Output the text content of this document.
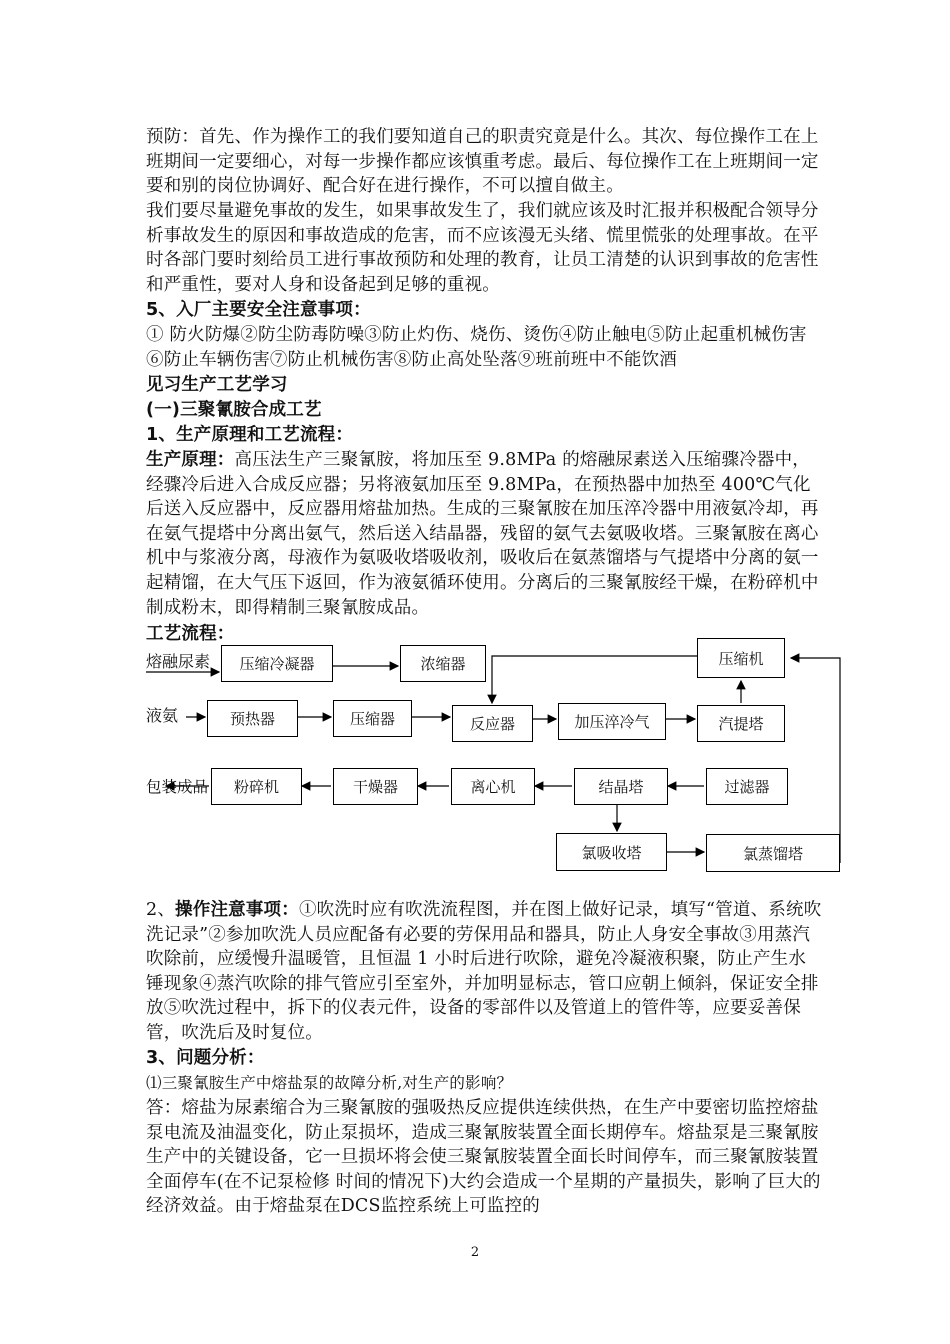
预防：首先、作为操作工的我们要知道自己的职责究竟是什么。其次、每位操作工在上班期间一定要细心，对每一步操作都应该慎重考虑。最后、每位操作工在上班期间一定要和别的岗位协调好、配合好在进行操作，不可以擅自做主。
我们要尽量避免事故的发生，如果事故发生了，我们就应该及时汇报并积极配合领导分析事故发生的原因和事故造成的危害，而不应该漫无头绪、慌里慌张的处理事故。在平时各部门要时刻给员工进行事故预防和处理的教育，让员工清楚的认识到事故的危害性和严重性，要对人身和设备起到足够的重视。
5、入厂主要安全注意事项：
① 防火防爆②防尘防毒防噪③防止灼伤、烧伤、烫伤④防止触电⑤防止起重机械伤害⑥防止车辆伤害⑦防止机械伤害⑧防止高处坠落⑨班前班中不能饮酒
见习生产工艺学习
(一)三聚氰胺合成工艺
1、生产原理和工艺流程：
生产原理：高压法生产三聚氰胺，将加压至 9.8MPa 的熔融尿素送入压缩骤冷器中，经骤冷后进入合成反应器；另将液氨加压至 9.8MPa，在预热器中加热至 400℃气化后送入反应器中，反应器用熔盐加热。生成的三聚氰胺在加压淬冷器中用液氨冷却，再在氨气提塔中分离出氨气，然后送入结晶器，残留的氨气去氨吸收塔。三聚氰胺在离心机中与浆液分离，母液作为氨吸收塔吸收剂，吸收后在氨蒸馏塔与气提塔中分离的氨一起精馏，在大气压下返回，作为液氨循环使用。分离后的三聚氰胺经干燥，在粉碎机中制成粉末，即得精制三聚氰胺成品。
工艺流程：
熔融尿素
液氨
包装成品
压缩冷凝器	浓缩器	压缩机
预热器	压缩器	反应器	加压淬冷气	汽提塔
粉碎机	干燥器	离心机	结晶塔	过滤器
氯吸收塔	氯蒸馏塔
2、操作注意事项：①吹洗时应有吹洗流程图，并在图上做好记录，填写“管道、系统吹洗记录”②参加吹洗人员应配备有必要的劳保用品和器具，防止人身安全事故③用蒸汽吹除前，应缓慢升温暖管，且恒温 1 小时后进行吹除，避免冷凝液积聚，防止产生水锤现象④蒸汽吹除的排气管应引至室外，并加明显标志，管口应朝上倾斜，保证安全排放⑤吹洗过程中，拆下的仪表元件，设备的零部件以及管道上的管件等，应要妥善保管，吹洗后及时复位。
3、问题分析：
⑴三聚氰胺生产中熔盐泵的故障分析,对生产的影响？
答：熔盐为尿素缩合为三聚氰胺的强吸热反应提供连续供热，在生产中要密切监控熔盐泵电流及油温变化，防止泵损坏，造成三聚氰胺装置全面长期停车。熔盐泵是三聚氰胺生产中的关键设备，它一旦损坏将会使三聚氰胺装置全面长时间停车，而三聚氰胺装置全面停车(在不记泵检修 时间的情况下)大约会造成一个星期的产量损失，影响了巨大的经济效益。由于熔盐泵在DCS监控系统上可监控的
2
